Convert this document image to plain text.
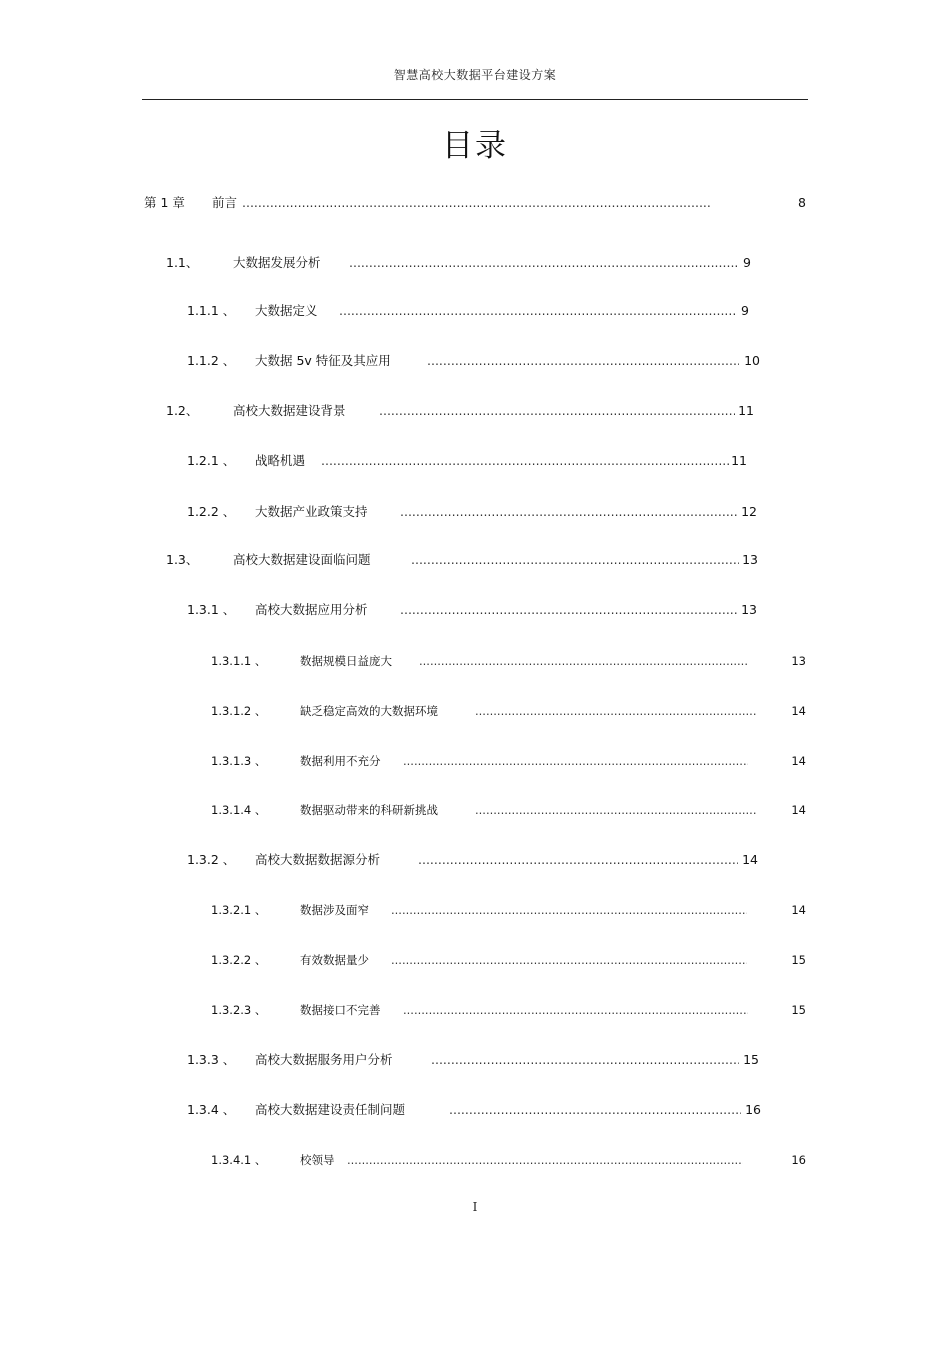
智慧高校大数据平台建设方案
目录
第 1 章 前言 .....	8
1.1、	大数据发展分析 .....	9
1.1.1 、 大数据定义 .....	9
1.1.2 、 大数据 5v 特征及其应用 .....	10
1.2、	高校大数据建设背景 .....	11
1.2.1 、 战略机遇 .....	11
1.2.2 、 大数据产业政策支持 .....	12
1.3、	高校大数据建设面临问题 .....	13
1.3.1 、 高校大数据应用分析 .....	13
1.3.1.1 、	数据规模日益庞大 .....	13
1.3.1.2 、	缺乏稳定高效的大数据环境 .....	14
1.3.1.3 、	数据利用不充分 .....	14
1.3.1.4 、	数据驱动带来的科研新挑战 .....	14
1.3.2 、 高校大数据数据源分析 .....	14
1.3.2.1 、	数据涉及面窄 .....	14
1.3.2.2 、	有效数据量少 .....	15
1.3.2.3 、	数据接口不完善 .....	15
1.3.3 、 高校大数据服务用户分析 .....	15
1.3.4 、 高校大数据建设责任制问题 .....	16
1.3.4.1 、	校领导 .....	16
I
